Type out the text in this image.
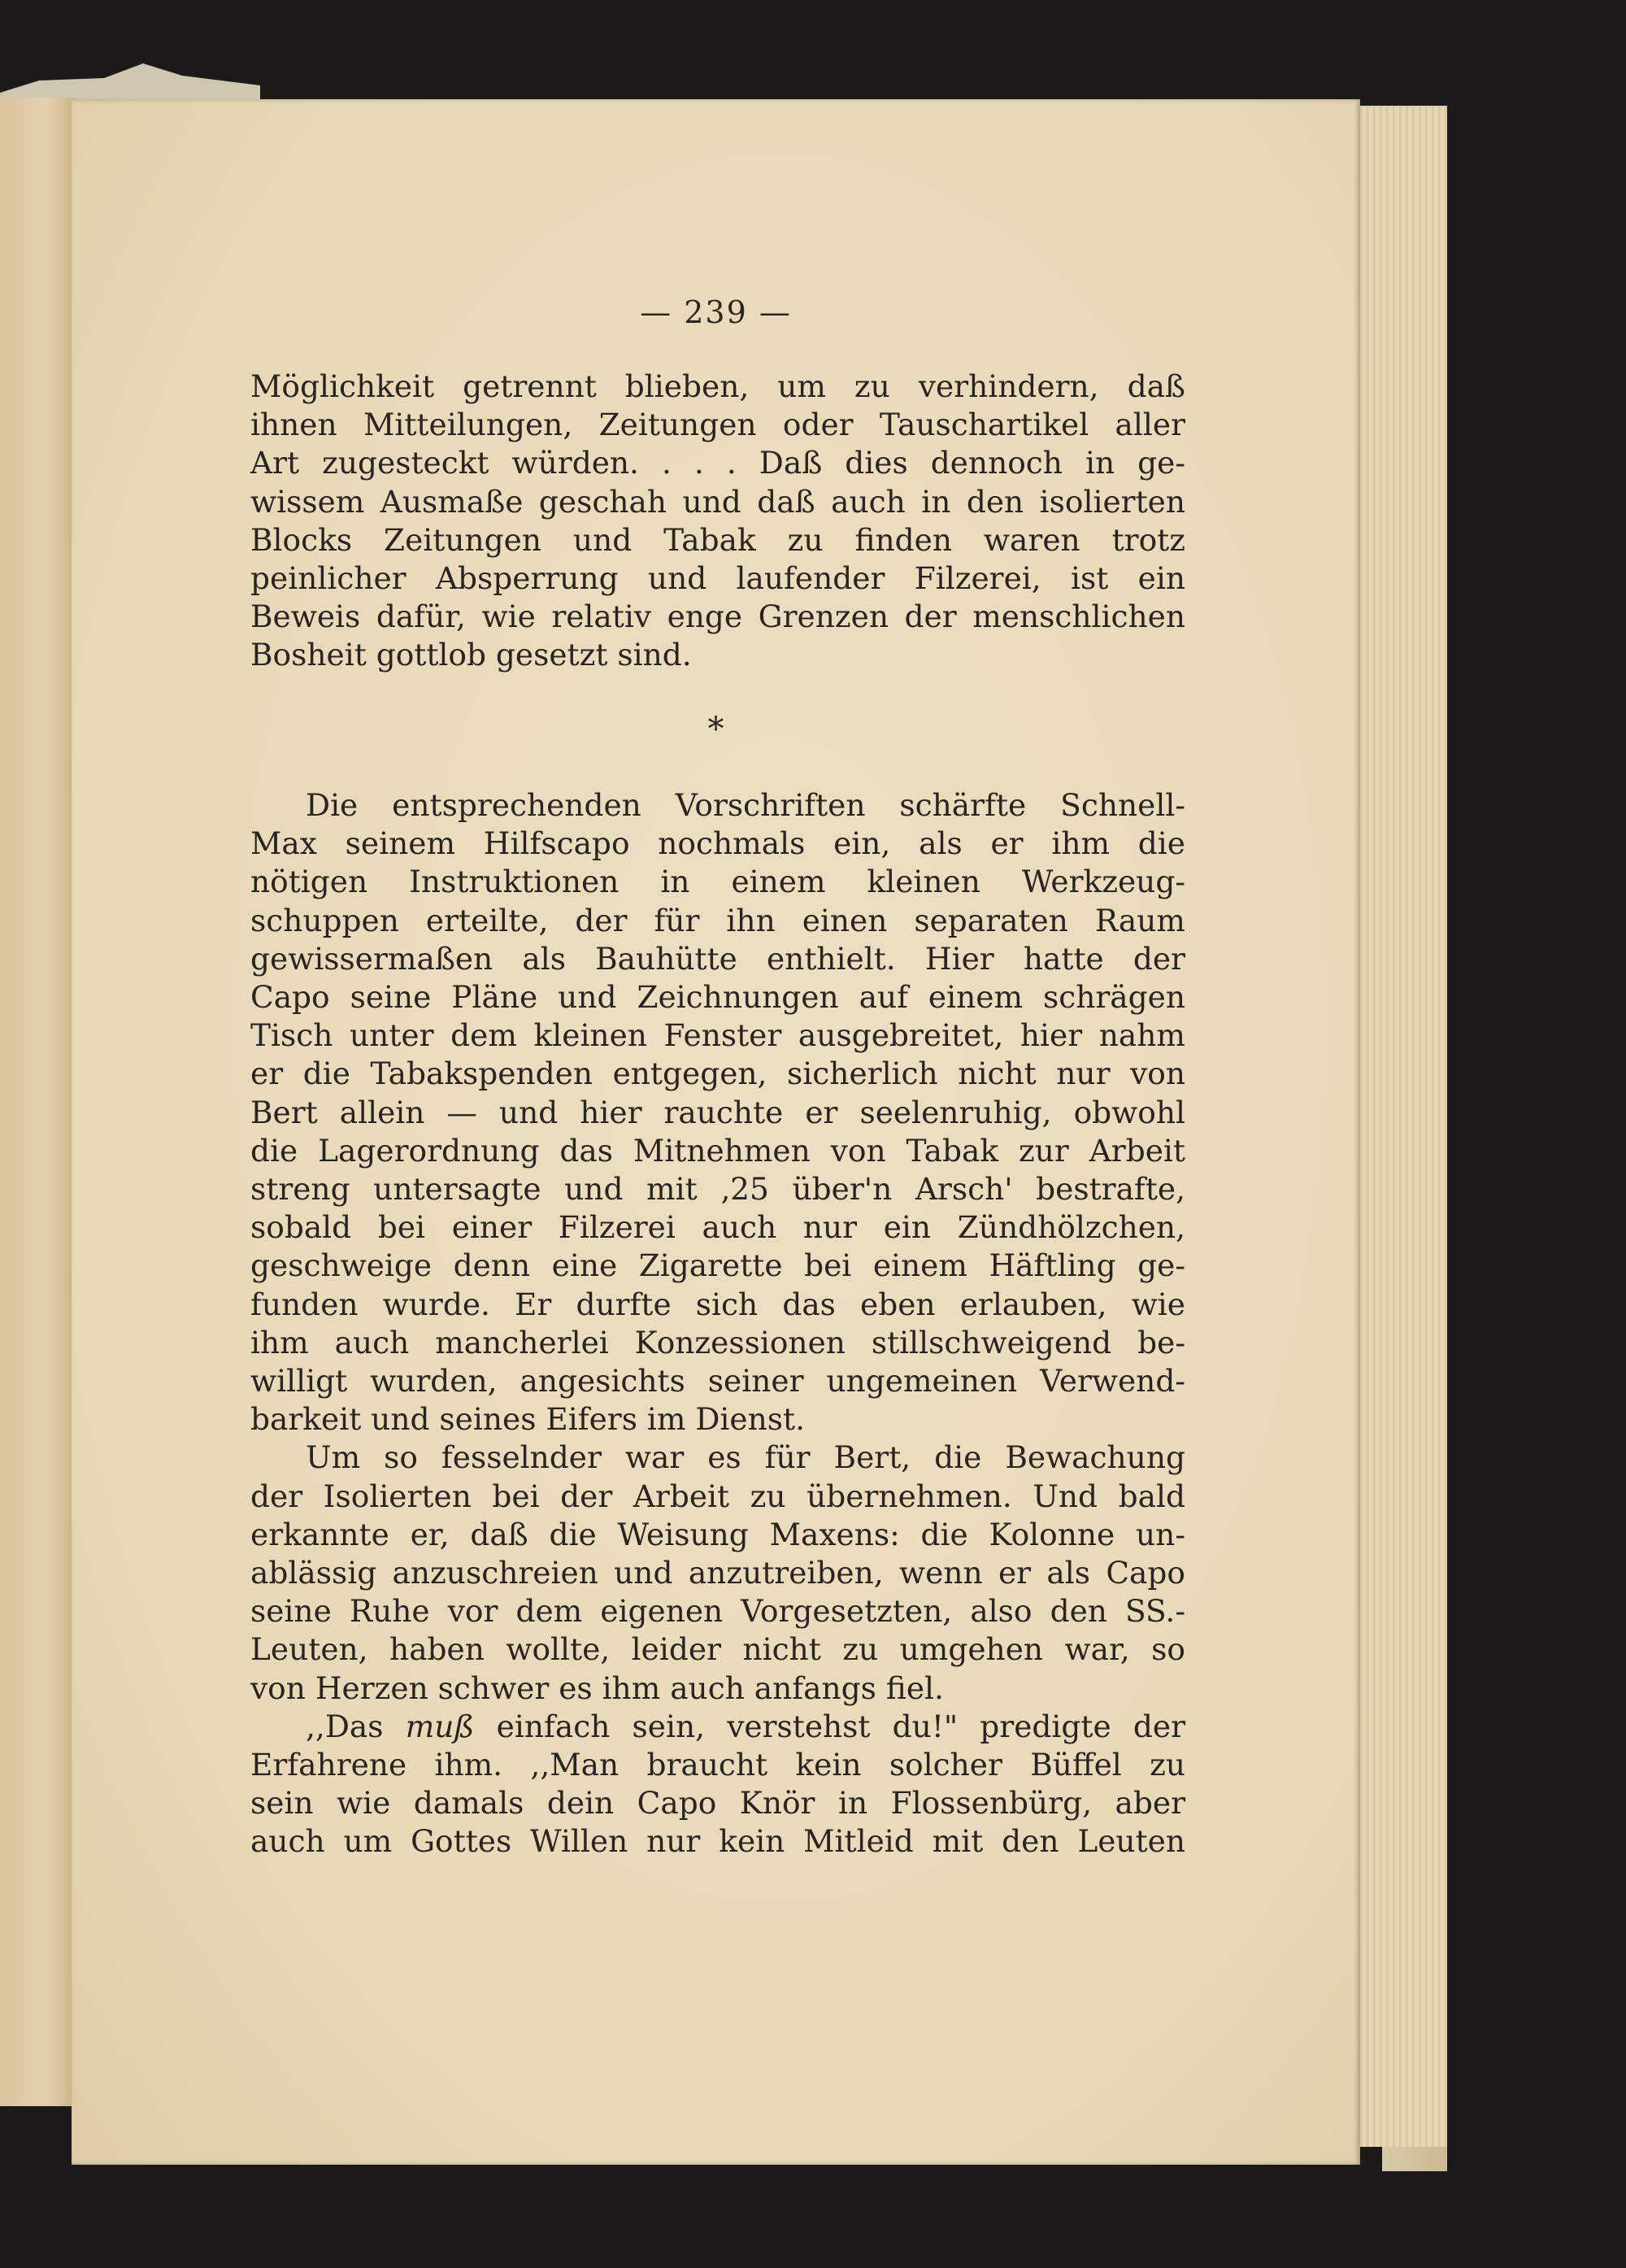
— 239 —
Möglichkeit getrennt blieben, um zu verhindern, daß
ihnen Mitteilungen, Zeitungen oder Tauschartikel aller
Art zugesteckt würden. . . . Daß dies dennoch in ge-
wissem Ausmaße geschah und daß auch in den isolierten
Blocks Zeitungen und Tabak zu finden waren trotz
peinlicher Absperrung und laufender Filzerei, ist ein
Beweis dafür, wie relativ enge Grenzen der menschlichen
Bosheit gottlob gesetzt sind.
*
Die entsprechenden Vorschriften schärfte Schnell-
Max seinem Hilfscapo nochmals ein, als er ihm die
nötigen Instruktionen in einem kleinen Werkzeug-
schuppen erteilte, der für ihn einen separaten Raum
gewissermaßen als Bauhütte enthielt. Hier hatte der
Capo seine Pläne und Zeichnungen auf einem schrägen
Tisch unter dem kleinen Fenster ausgebreitet, hier nahm
er die Tabakspenden entgegen, sicherlich nicht nur von
Bert allein — und hier rauchte er seelenruhig, obwohl
die Lagerordnung das Mitnehmen von Tabak zur Arbeit
streng untersagte und mit ‚25 über'n Arsch' bestrafte,
sobald bei einer Filzerei auch nur ein Zündhölzchen,
geschweige denn eine Zigarette bei einem Häftling ge-
funden wurde. Er durfte sich das eben erlauben, wie
ihm auch mancherlei Konzessionen stillschweigend be-
willigt wurden, angesichts seiner ungemeinen Verwend-
barkeit und seines Eifers im Dienst.
Um so fesselnder war es für Bert, die Bewachung
der Isolierten bei der Arbeit zu übernehmen. Und bald
erkannte er, daß die Weisung Maxens: die Kolonne un-
ablässig anzuschreien und anzutreiben, wenn er als Capo
seine Ruhe vor dem eigenen Vorgesetzten, also den SS.-
Leuten, haben wollte, leider nicht zu umgehen war, so
von Herzen schwer es ihm auch anfangs fiel.
,,Das muß einfach sein, verstehst du!" predigte der
Erfahrene ihm. ,,Man braucht kein solcher Büffel zu
sein wie damals dein Capo Knör in Flossenbürg, aber
auch um Gottes Willen nur kein Mitleid mit den Leuten
